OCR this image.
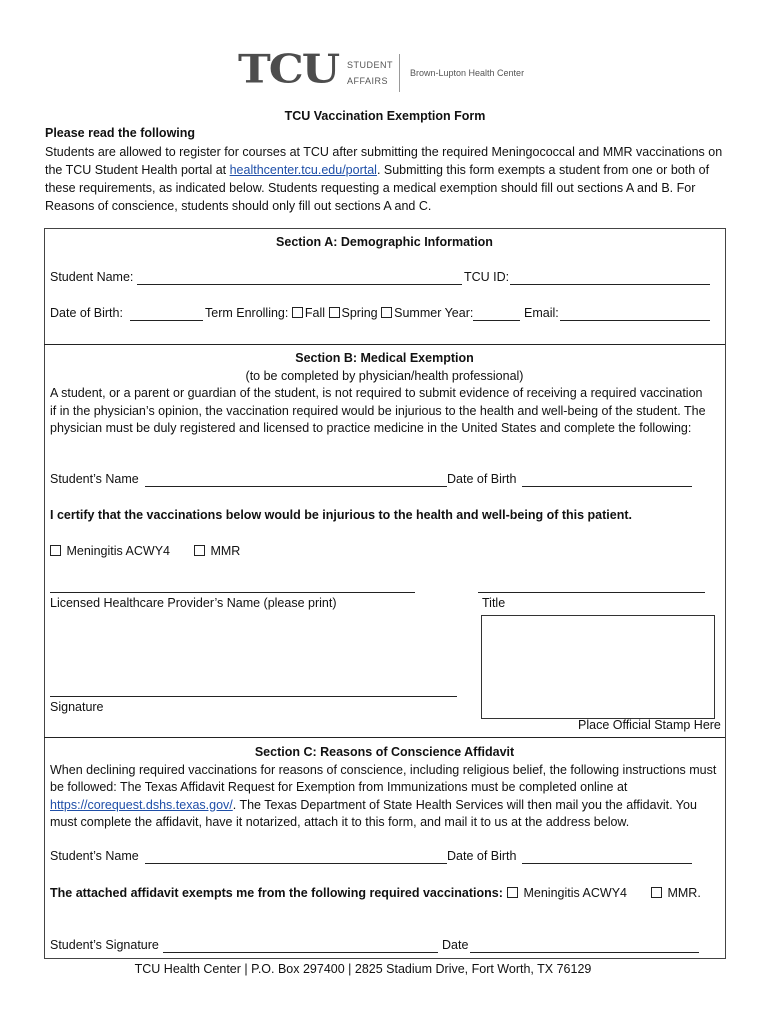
TCU STUDENT
AFFAIRS
Brown-Lupton Health Center
TCU Vaccination Exemption Form
Please read the following
Students are allowed to register for courses at TCU after submitting the required Meningococcal and MMR vaccinations on the TCU Student Health portal at healthcenter.tcu.edu/portal. Submitting this form exempts a student from one or both of these requirements, as indicated below. Students requesting a medical exemption should fill out sections A and B. For Reasons of conscience, students should only fill out sections A and C.
Section A: Demographic Information
Student Name:	TCU ID:
Date of Birth:	Term Enrolling: Fall Spring Summer Year:	Email:
Section B: Medical Exemption
(to be completed by physician/health professional)
A student, or a parent or guardian of the student, is not required to submit evidence of receiving a required vaccination if in the physician’s opinion, the vaccination required would be injurious to the health and well-being of the student. The physician must be duly registered and licensed to practice medicine in the United States and complete the following:
Student’s Name	Date of Birth
I certify that the vaccinations below would be injurious to the health and well-being of this patient.
Meningitis ACWY4	MMR
Licensed Healthcare Provider’s Name (please print)	Title
Signature
Place Official Stamp Here
Section C: Reasons of Conscience Affidavit
When declining required vaccinations for reasons of conscience, including religious belief, the following instructions must be followed: The Texas Affidavit Request for Exemption from Immunizations must be completed online at https://corequest.dshs.texas.gov/. The Texas Department of State Health Services will then mail you the affidavit. You must complete the affidavit, have it notarized, attach it to this form, and mail it to us at the address below.
Student’s Name	Date of Birth
The attached affidavit exempts me from the following required vaccinations:	Meningitis ACWY4	MMR.
Student’s Signature	Date
TCU Health Center | P.O. Box 297400 | 2825 Stadium Drive, Fort Worth, TX 76129
